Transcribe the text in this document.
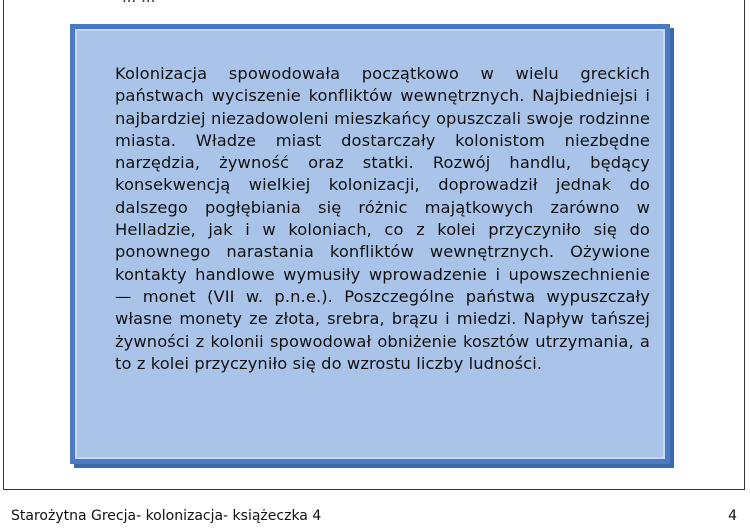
Kolonizacja spowodowała początkowo w wielu greckich państwach wyciszenie konfliktów wewnętrznych. Najbiedniejsi i najbardziej niezadowoleni mieszkańcy opuszczali swoje rodzinne miasta. Władze miast dostarczały kolonistom niezbędne narzędzia, żywność oraz statki. Rozwój handlu, będący konsekwencją wielkiej kolonizacji, doprowadził jednak do dalszego pogłębiania się różnic majątkowych zarówno w Helladzie, jak i w koloniach, co z kolei przyczyniło się do ponownego narastania konfliktów wewnętrznych. Ożywione kontakty handlowe wymusiły wprowadzenie i upowszechnienie — monet (VII w. p.n.e.). Poszczególne państwa wypuszczały własne monety ze złota, srebra, brązu i miedzi. Napływ tańszej żywności z kolonii spowodował obniżenie kosztów utrzymania, a to z kolei przyczyniło się do wzrostu liczby ludności.

Starożytna Grecja- kolonizacja- książeczka 4	4
